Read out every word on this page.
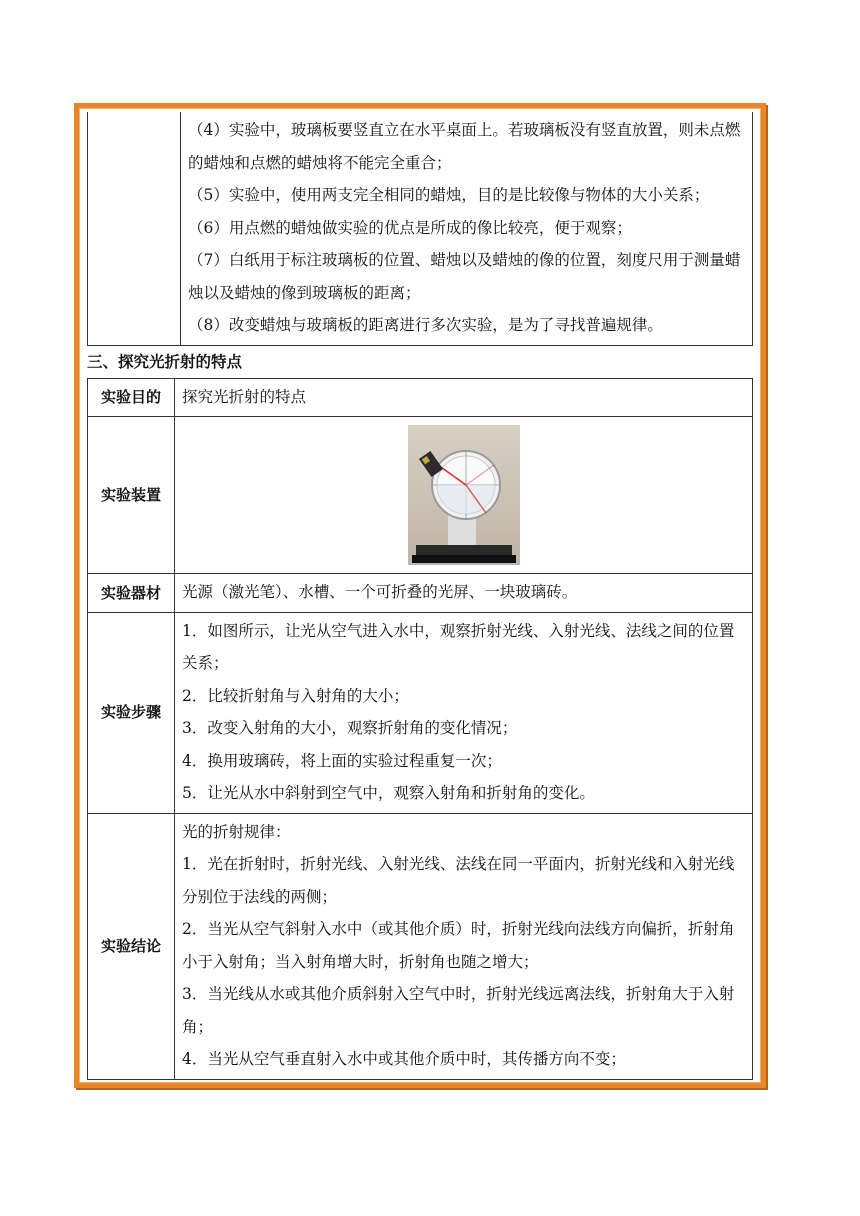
（4）实验中，玻璃板要竖直立在水平桌面上。若玻璃板没有竖直放置，则未点燃的蜡烛和点燃的蜡烛将不能完全重合；

（5）实验中，使用两支完全相同的蜡烛，目的是比较像与物体的大小关系；

（6）用点燃的蜡烛做实验的优点是所成的像比较亮，便于观察；

（7）白纸用于标注玻璃板的位置、蜡烛以及蜡烛的像的位置，刻度尺用于测量蜡烛以及蜡烛的像到玻璃板的距离；

（8）改变蜡烛与玻璃板的距离进行多次实验，是为了寻找普遍规律。

三、探究光折射的特点
实验目的	探究光折射的特点
实验装置	
实验器材	光源（激光笔）、水槽、一个可折叠的光屏、一块玻璃砖。
实验步骤	1．如图所示，让光从空气进入水中，观察折射光线、入射光线、法线之间的位置关系；

2．比较折射角与入射角的大小；

3．改变入射角的大小，观察折射角的变化情况；

4．换用玻璃砖，将上面的实验过程重复一次；

5．让光从水中斜射到空气中，观察入射角和折射角的变化。

实验结论	光的折射规律：

1．光在折射时，折射光线、入射光线、法线在同一平面内，折射光线和入射光线分别位于法线的两侧；

2．当光从空气斜射入水中（或其他介质）时，折射光线向法线方向偏折，折射角小于入射角；当入射角增大时，折射角也随之增大；

3．当光线从水或其他介质斜射入空气中时，折射光线远离法线，折射角大于入射角；

4．当光从空气垂直射入水中或其他介质中时，其传播方向不变；
